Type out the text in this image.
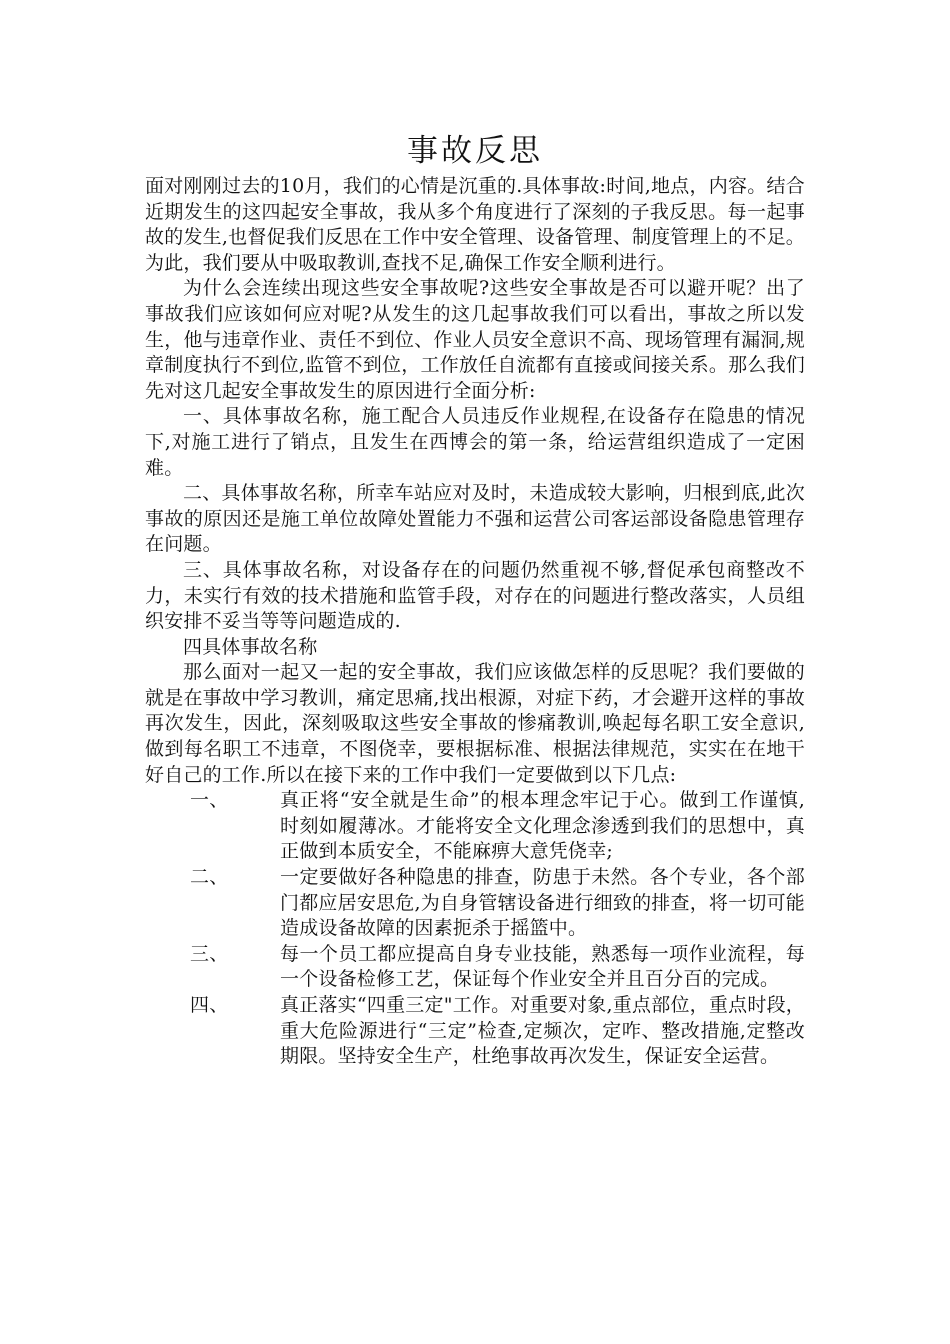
事故反思

面对刚刚过去的10月，我们的心情是沉重的.具体事故:时间,地点，内容。结合近期发生的这四起安全事故，我从多个角度进行了深刻的子我反思。每一起事故的发生,也督促我们反思在工作中安全管理、设备管理、制度管理上的不足。为此，我们要从中吸取教训,查找不足,确保工作安全顺利进行。

为什么会连续出现这些安全事故呢?这些安全事故是否可以避开呢？出了事故我们应该如何应对呢?从发生的这几起事故我们可以看出，事故之所以发生，他与违章作业、责任不到位、作业人员安全意识不高、现场管理有漏洞,规章制度执行不到位,监管不到位，工作放任自流都有直接或间接关系。那么我们先对这几起安全事故发生的原因进行全面分析:

一、具体事故名称，施工配合人员违反作业规程,在设备存在隐患的情况下,对施工进行了销点，且发生在西博会的第一条，给运营组织造成了一定困难。

二、具体事故名称，所幸车站应对及时，未造成较大影响，归根到底,此次事故的原因还是施工单位故障处置能力不强和运营公司客运部设备隐患管理存在问题。

三、具体事故名称，对设备存在的问题仍然重视不够,督促承包商整改不力，未实行有效的技术措施和监管手段，对存在的问题进行整改落实，人员组织安排不妥当等等问题造成的.

四具体事故名称

那么面对一起又一起的安全事故，我们应该做怎样的反思呢？我们要做的就是在事故中学习教训，痛定思痛,找出根源，对症下药，才会避开这样的事故再次发生，因此，深刻吸取这些安全事故的惨痛教训,唤起每名职工安全意识,做到每名职工不违章，不图侥幸，要根据标准、根据法律规范，实实在在地干好自己的工作.所以在接下来的工作中我们一定要做到以下几点:

一、	真正将“安全就是生命”的根本理念牢记于心。做到工作谨慎,时刻如履薄冰。才能将安全文化理念渗透到我们的思想中，真正做到本质安全，不能麻痹大意凭侥幸;
二、	一定要做好各种隐患的排查，防患于未然。各个专业，各个部门都应居安思危,为自身管辖设备进行细致的排查，将一切可能造成设备故障的因素扼杀于摇篮中。
三、	每一个员工都应提高自身专业技能，熟悉每一项作业流程，每一个设备检修工艺，保证每个作业安全并且百分百的完成。
四、	真正落实“四重三定"工作。对重要对象,重点部位，重点时段，重大危险源进行“三定”检查,定频次，定咋、整改措施,定整改期限。坚持安全生产，杜绝事故再次发生，保证安全运营。
